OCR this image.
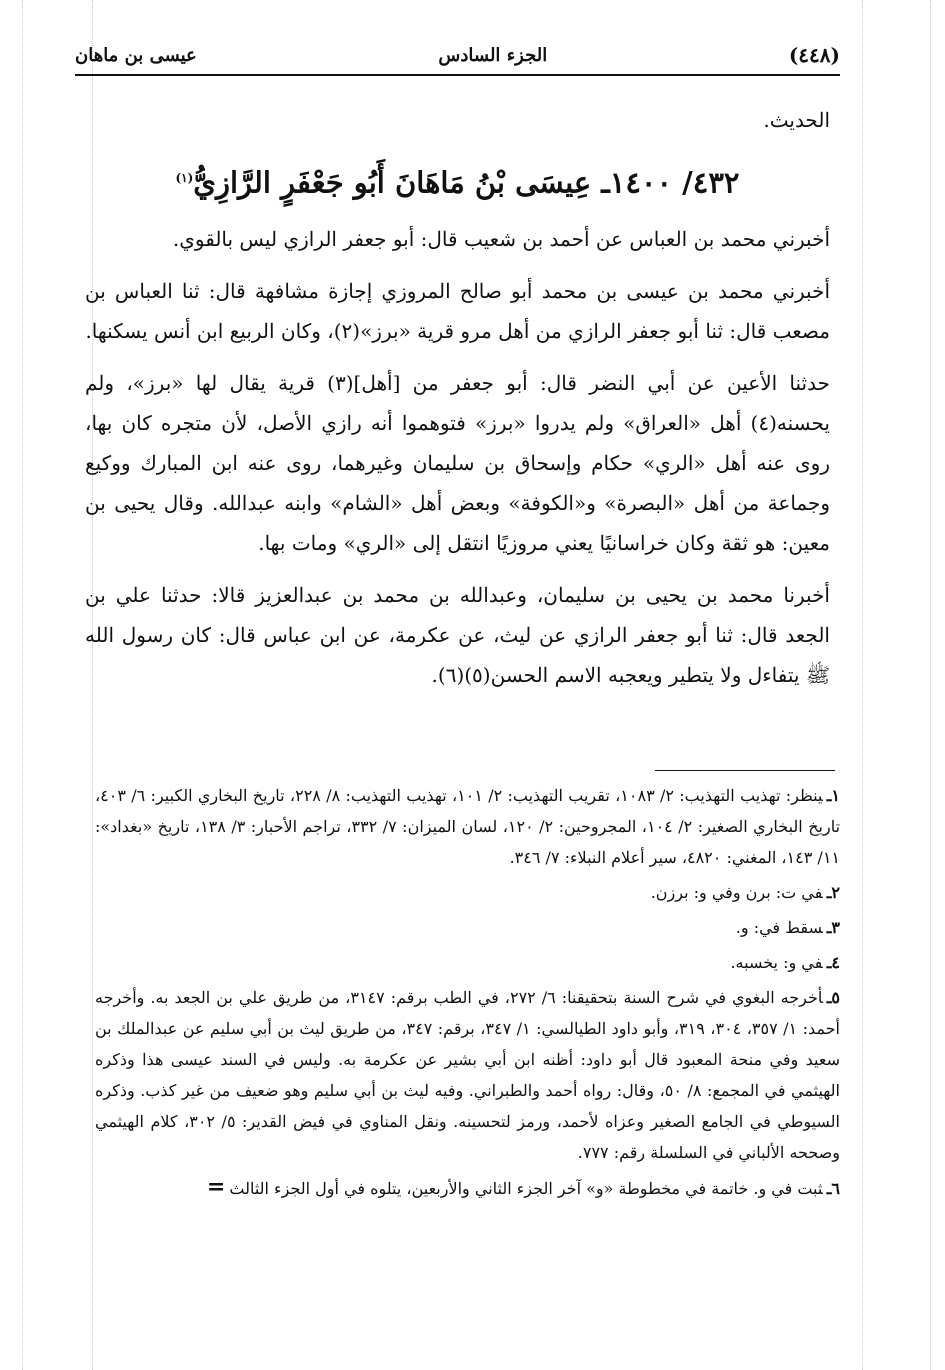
عيسى بن ماهان	الجزء السادس	(٤٤٨)

الحديث.

٤٣٢/ ١٤٠٠ـ عِيسَى بْنُ مَاهَانَ أَبُو جَعْفَرٍ الرَّازِيُّ$^{(١)}$

أخبرني محمد بن العباس عن أحمد بن شعيب قال: أبو جعفر الرازي ليس بالقوي.

أخبرني محمد بن عيسى بن محمد أبو صالح المروزي إجازة مشافهة قال: ثنا العباس بن مصعب قال: ثنا أبو جعفر الرازي من أهل مرو قرية «برز»(٢)، وكان الربيع ابن أنس يسكنها.

حدثنا الأعين عن أبي النضر قال: أبو جعفر من [أهل](٣) قرية يقال لها «برز»، ولم يحسنه(٤) أهل «العراق» ولم يدروا «برز» فتوهموا أنه رازي الأصل، لأن متجره كان بها، روى عنه أهل «الري» حكام وإسحاق بن سليمان وغيرهما، روى عنه ابن المبارك ووكيع وجماعة من أهل «البصرة» و«الكوفة» وبعض أهل «الشام» وابنه عبدالله. وقال يحيى بن معين: هو ثقة وكان خراسانيًا يعني مروزيًا انتقل إلى «الري» ومات بها.

أخبرنا محمد بن يحيى بن سليمان، وعبدالله بن محمد بن عبدالعزيز قالا: حدثنا علي بن الجعد قال: ثنا أبو جعفر الرازي عن ليث، عن عكرمة، عن ابن عباس قال: كان رسول الله ﷺ يتفاءل ولا يتطير ويعجبه الاسم الحسن(٥)(٦).

١ـينظر: تهذيب التهذيب: ٢/ ١٠٨٣، تقريب التهذيب: ٢/ ١٠١، تهذيب التهذيب: ٨/ ٢٢٨، تاريخ البخاري الكبير: ٦/ ٤٠٣، تاريخ البخاري الصغير: ٢/ ١٠٤، المجروحين: ٢/ ١٢٠، لسان الميزان: ٧/ ٣٣٢، تراجم الأحبار: ٣/ ١٣٨، تاريخ «بغداد»: ١١/ ١٤٣، المغني: ٤٨٢٠، سير أعلام النبلاء: ٧/ ٣٤٦.
٢ـفي ت: برن وفي و: برزن.
٣ـسقط في: و.
٤ـفي و: يخسبه.
٥ـأخرجه البغوي في شرح السنة بتحقيقنا: ٦/ ٢٧٢، في الطب برقم: ٣١٤٧، من طريق علي بن الجعد به. وأخرجه أحمد: ١/ ٣٥٧، ٣٠٤، ٣١٩، وأبو داود الطيالسي: ١/ ٣٤٧، برقم: ٣٤٧، من طريق ليث بن أبي سليم عن عبدالملك بن سعيد وفي منحة المعبود قال أبو داود: أظنه ابن أبي بشير عن عكرمة به. وليس في السند عيسى هذا وذكره الهيثمي في المجمع: ٨/ ٥٠، وقال: رواه أحمد والطبراني. وفيه ليث بن أبي سليم وهو ضعيف من غير كذب. وذكره السيوطي في الجامع الصغير وعزاه لأحمد، ورمز لتحسينه. ونقل المناوي في فيض القدير: ٥/ ٣٠٢، كلام الهيثمي وصححه الألباني في السلسلة رقم: ٧٧٧.
٦ـثبت في و. خاتمة في مخطوطة «و» آخر الجزء الثاني والأربعين، يتلوه في أول الجزء الثالث=
